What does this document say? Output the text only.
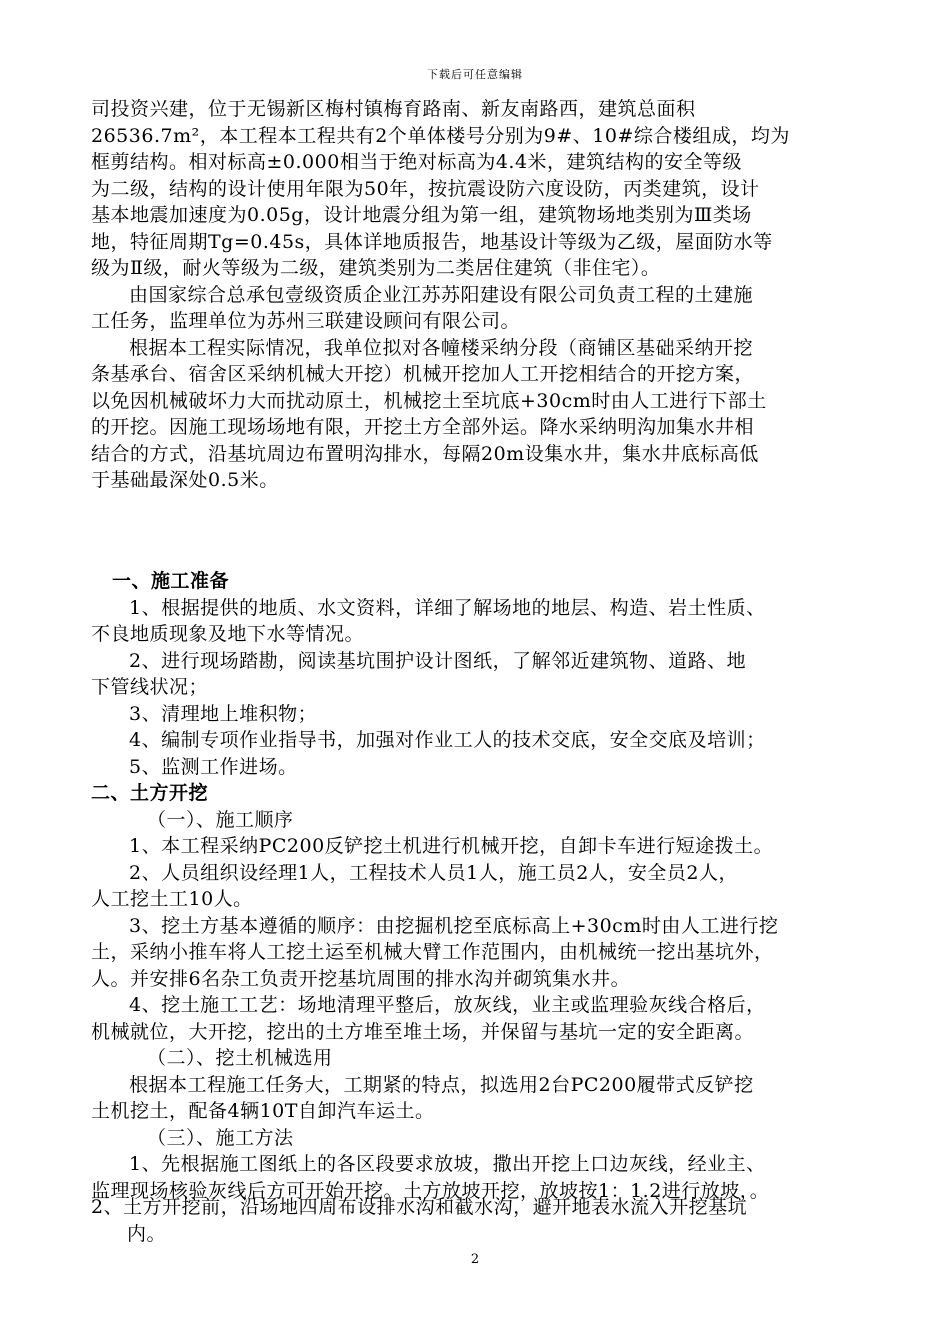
下载后可任意编辑
司投资兴建，位于无锡新区梅村镇梅育路南、新友南路西，建筑总面积
26536.7m²，本工程本工程共有2个单体楼号分别为9#、10#综合楼组成，均为
框剪结构。相对标高±0.000相当于绝对标高为4.4米，建筑结构的安全等级
为二级，结构的设计使用年限为50年，按抗震设防六度设防，丙类建筑，设计
基本地震加速度为0.05g，设计地震分组为第一组，建筑物场地类别为Ⅲ类场
地，特征周期Tg=0.45s，具体详地质报告，地基设计等级为乙级，屋面防水等
级为Ⅱ级，耐火等级为二级，建筑类别为二类居住建筑（非住宅）。
由国家综合总承包壹级资质企业江苏苏阳建设有限公司负责工程的土建施
工任务，监理单位为苏州三联建设顾问有限公司。
根据本工程实际情况，我单位拟对各幢楼采纳分段（商铺区基础采纳开挖
条基承台、宿舍区采纳机械大开挖）机械开挖加人工开挖相结合的开挖方案，
以免因机械破坏力大而扰动原土，机械挖土至坑底+30cm时由人工进行下部土
的开挖。因施工现场场地有限，开挖土方全部外运。降水采纳明沟加集水井相
结合的方式，沿基坑周边布置明沟排水，每隔20m设集水井，集水井底标高低
于基础最深处0.5米。
一、施工准备
1、根据提供的地质、水文资料，详细了解场地的地层、构造、岩土性质、
不良地质现象及地下水等情况。
2、进行现场踏勘，阅读基坑围护设计图纸，了解邻近建筑物、道路、地
下管线状况；
3、清理地上堆积物；
4、编制专项作业指导书，加强对作业工人的技术交底，安全交底及培训；
5、监测工作进场。
二、土方开挖
（一）、施工顺序
1、本工程采纳PC200反铲挖土机进行机械开挖，自卸卡车进行短途拨土。
2、人员组织设经理1人，工程技术人员1人，施工员2人，安全员2人，
人工挖土工10人。
3、挖土方基本遵循的顺序：由挖掘机挖至底标高上+30cm时由人工进行挖
土，采纳小推车将人工挖土运至机械大臂工作范围内，由机械统一挖出基坑外，
人。并安排6名杂工负责开挖基坑周围的排水沟并砌筑集水井。
4、挖土施工工艺：场地清理平整后，放灰线，业主或监理验灰线合格后，
机械就位，大开挖，挖出的土方堆至堆土场，并保留与基坑一定的安全距离。
（二）、挖土机械选用
根据本工程施工任务大，工期紧的特点，拟选用2台PC200履带式反铲挖
土机挖土，配备4辆10T自卸汽车运土。
（三）、施工方法
1、先根据施工图纸上的各区段要求放坡，撒出开挖上口边灰线，经业主、
监理现场核验灰线后方可开始开挖。土方放坡开挖，放坡按1：1.2进行放坡，。
2、土方开挖前，沿场地四周布设排水沟和截水沟，避开地表水流入开挖基坑
内。
2
